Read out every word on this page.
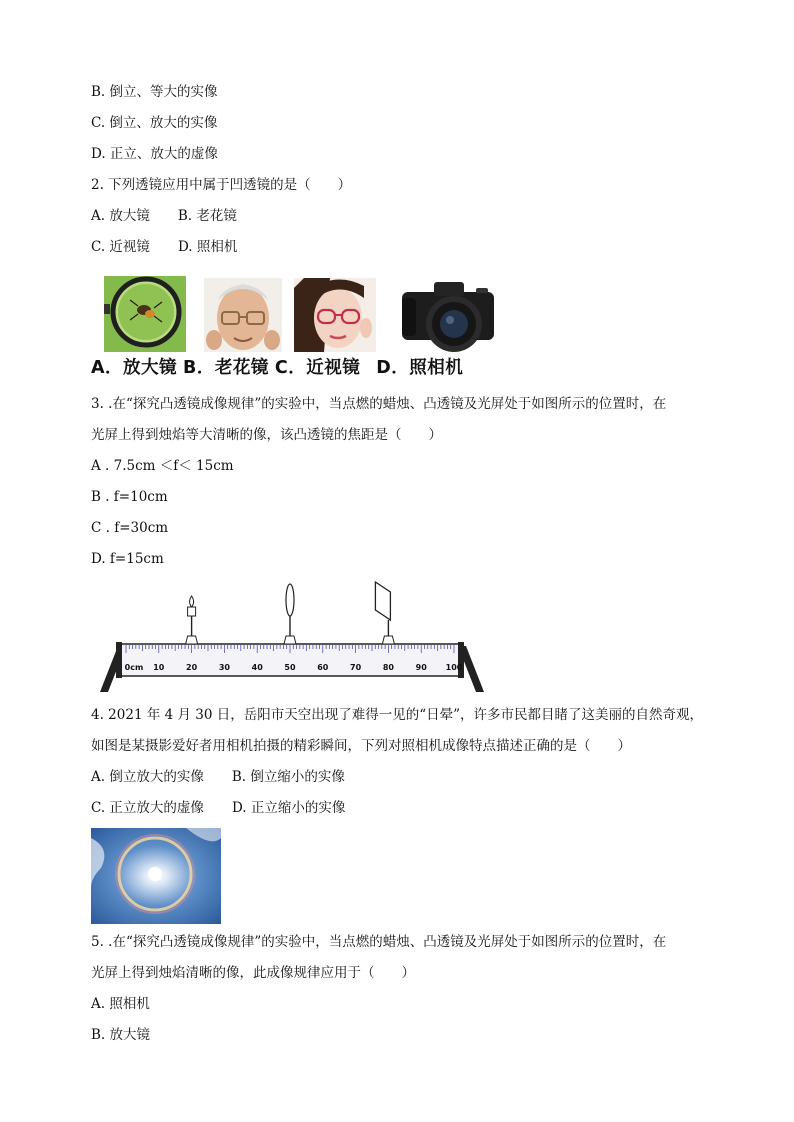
B. 倒立、等大的实像
C. 倒立、放大的实像
D. 正立、放大的虚像
2. 下列透镜应用中属于凹透镜的是（　　）
A. 放大镜 B. 老花镜
C. 近视镜 D. 照相机
A．放大镜 B．老花镜 C．近视镜 D．照相机
3. .在“探究凸透镜成像规律”的实验中，当点燃的蜡烛、凸透镜及光屏处于如图所示的位置时，在
光屏上得到烛焰等大清晰的像，该凸透镜的焦距是（　　）
A . 7.5cm ＜f＜ 15cm
B . f=10cm
C . f=30cm
D. f=15cm
0cm 10	20	30	40	50	60	70	80	90 100
4. 2021 年 4 月 30 日，岳阳市天空出现了难得一见的“日晕”，许多市民都目睹了这美丽的自然奇观，
如图是某摄影爱好者用相机拍摄的精彩瞬间，下列对照相机成像特点描述正确的是（　　）
A. 倒立放大的实像 B. 倒立缩小的实像
C. 正立放大的虚像 D. 正立缩小的实像
5. .在“探究凸透镜成像规律”的实验中，当点燃的蜡烛、凸透镜及光屏处于如图所示的位置时，在
光屏上得到烛焰清晰的像，此成像规律应用于（　　）
A. 照相机
B. 放大镜
